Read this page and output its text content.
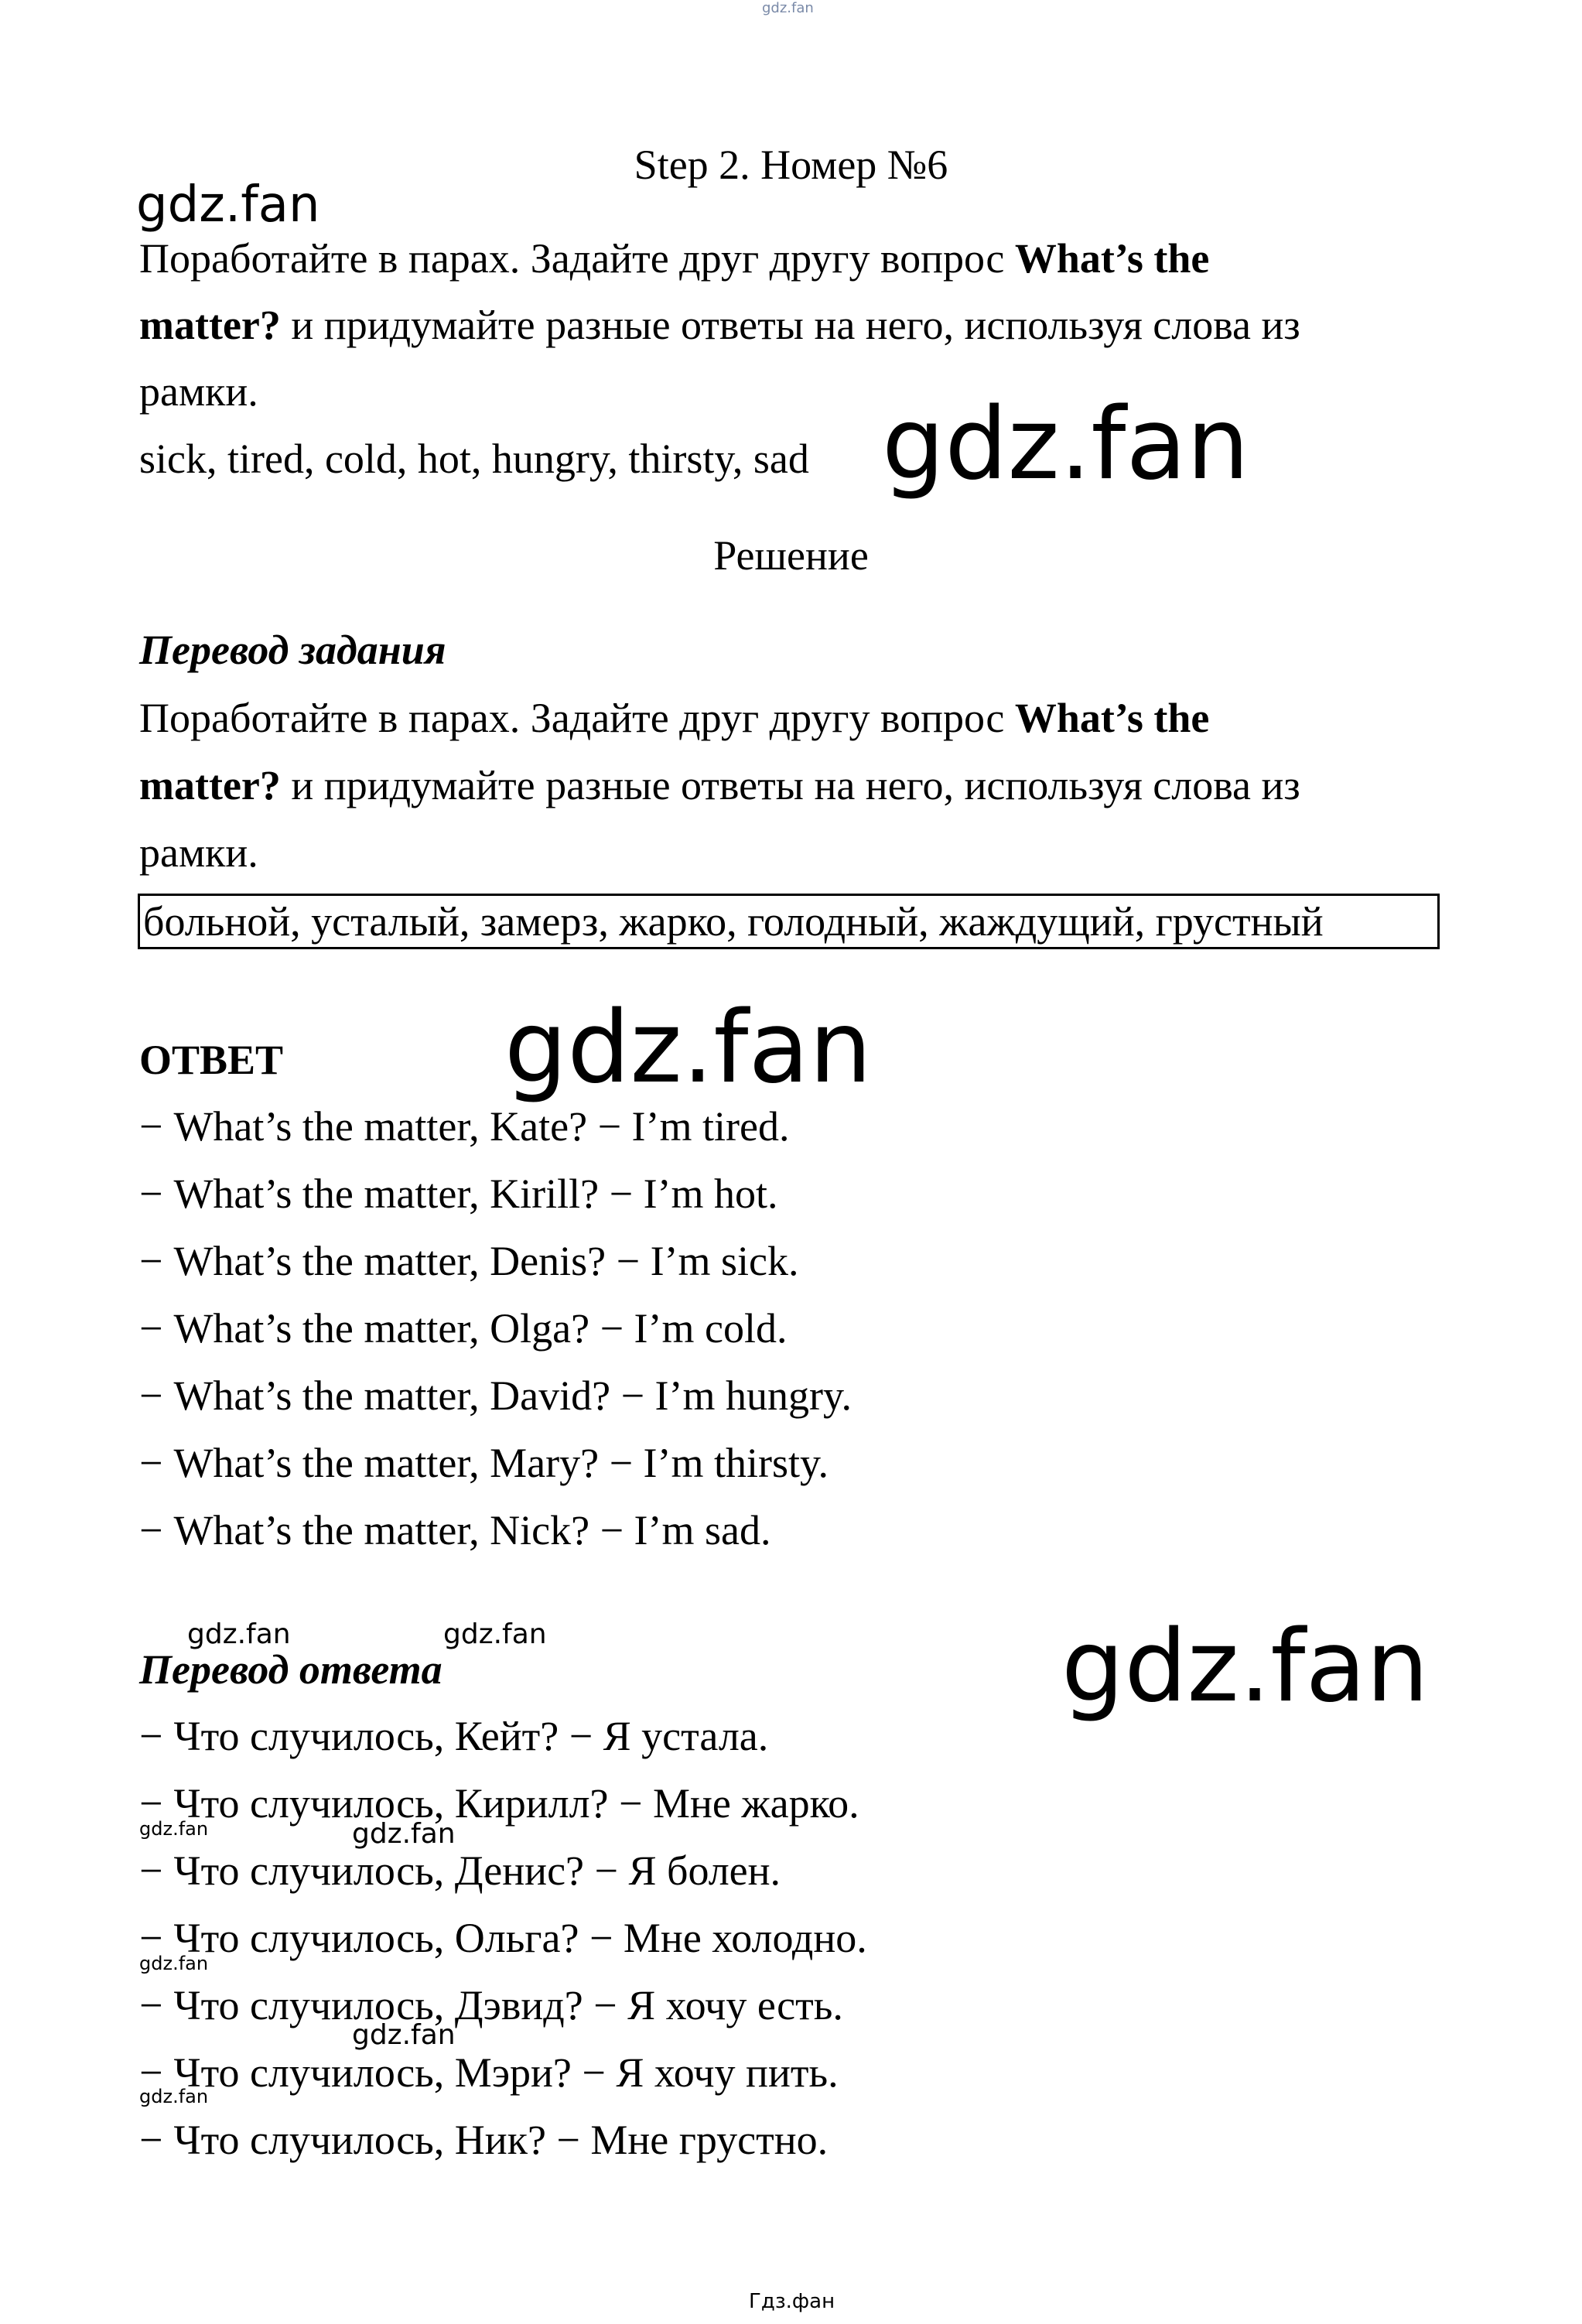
gdz.fan
Step 2. Номер №6
gdz.fan
Поработайте в парах. Задайте друг другу вопрос What’s the
matter? и придумайте разные ответы на него, используя слова из
рамки.
sick, tired, cold, hot, hungry, thirsty, sad gdz.fan
Решение
Перевод задания
Поработайте в парах. Задайте друг другу вопрос What’s the
matter? и придумайте разные ответы на него, используя слова из
рамки.
больной, усталый, замерз, жарко, голодный, жаждущий, грустный
ОТВЕТ gdz.fan
− What’s the matter, Kate? − I’m tired.
− What’s the matter, Kirill? − I’m hot.
− What’s the matter, Denis? − I’m sick.
− What’s the matter, Olga? − I’m cold.
− What’s the matter, David? − I’m hungry.
− What’s the matter, Mary? − I’m thirsty.
− What’s the matter, Nick? − I’m sad.
gdz.fan	gdz.fan	gdz.fan
Перевод ответа
− Что случилось, Кейт? − Я устала.
− Что случилось, Кирилл? − Мне жарко.
− Что случилось, Денис? − Я болен.
− Что случилось, Ольга? − Мне холодно.
− Что случилось, Дэвид? − Я хочу есть.
− Что случилось, Мэри? − Я хочу пить.
− Что случилось, Ник? − Мне грустно.
gdz.fan	gdz.fan
gdz.fan
gdz.fan
gdz.fan
Гдз.фан
